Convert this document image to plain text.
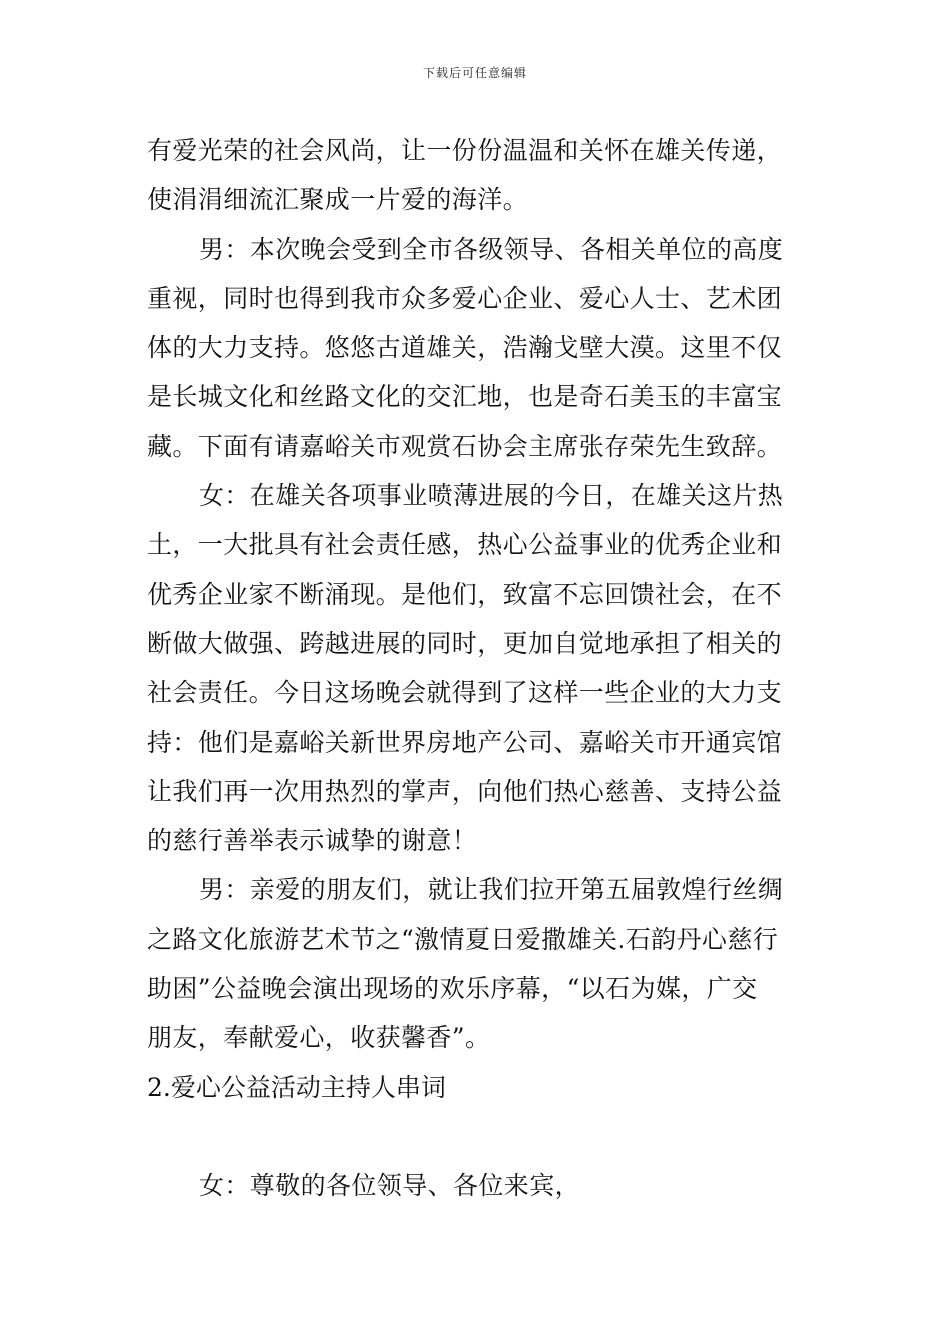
下载后可任意编辑
有爱光荣的社会风尚，让一份份温温和关怀在雄关传递，
使涓涓细流汇聚成一片爱的海洋。
男：本次晚会受到全市各级领导、各相关单位的高度
重视，同时也得到我市众多爱心企业、爱心人士、艺术团
体的大力支持。悠悠古道雄关，浩瀚戈壁大漠。这里不仅
是长城文化和丝路文化的交汇地，也是奇石美玉的丰富宝
藏。下面有请嘉峪关市观赏石协会主席张存荣先生致辞。
女：在雄关各项事业喷薄进展的今日，在雄关这片热
土，一大批具有社会责任感，热心公益事业的优秀企业和
优秀企业家不断涌现。是他们，致富不忘回馈社会，在不
断做大做强、跨越进展的同时，更加自觉地承担了相关的
社会责任。今日这场晚会就得到了这样一些企业的大力支
持：他们是嘉峪关新世界房地产公司、嘉峪关市开通宾馆
让我们再一次用热烈的掌声，向他们热心慈善、支持公益
的慈行善举表示诚挚的谢意！
男：亲爱的朋友们，就让我们拉开第五届敦煌行丝绸
之路文化旅游艺术节之“激情夏日爱撒雄关.石韵丹心慈行
助困”公益晚会演出现场的欢乐序幕，“以石为媒，广交
朋友，奉献爱心，收获馨香”。
2.爱心公益活动主持人串词
女：尊敬的各位领导、各位来宾，
